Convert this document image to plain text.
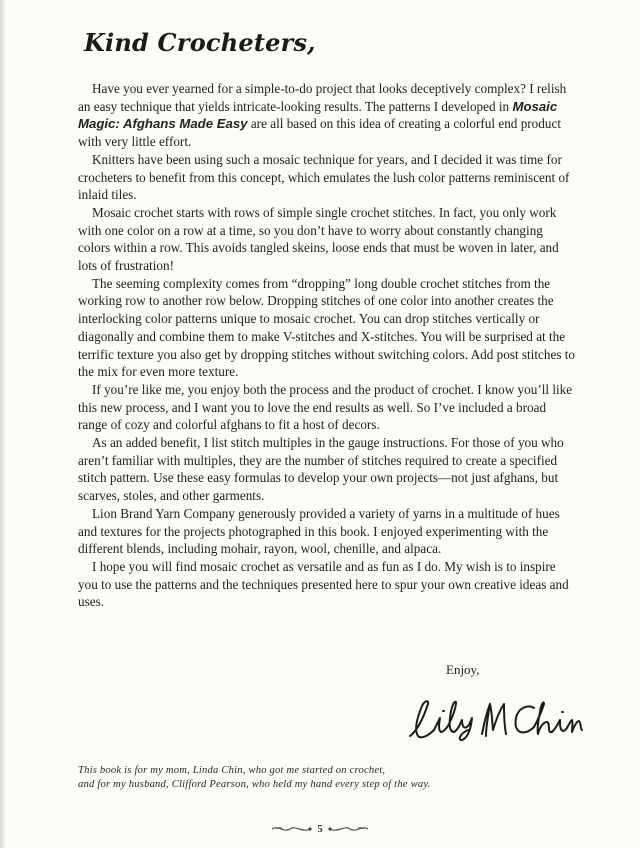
Kind Crocheters,

Have you ever yearned for a simple-to-do project that looks deceptively complex? I relish an easy technique that yields intricate-looking results. The patterns I developed in Mosaic Magic: Afghans Made Easy are all based on this idea of creating a colorful end product with very little effort.

Knitters have been using such a mosaic technique for years, and I decided it was time for crocheters to benefit from this concept, which emulates the lush color patterns reminiscent of inlaid tiles.

Mosaic crochet starts with rows of simple single crochet stitches. In fact, you only work with one color on a row at a time, so you don’t have to worry about constantly changing colors within a row. This avoids tangled skeins, loose ends that must be woven in later, and lots of frustration!

The seeming complexity comes from “dropping” long double crochet stitches from the working row to another row below. Dropping stitches of one color into another creates the interlocking color patterns unique to mosaic crochet. You can drop stitches vertically or diagonally and combine them to make V-stitches and X-stitches. You will be surprised at the terrific texture you also get by dropping stitches without switching colors. Add post stitches to the mix for even more texture.

If you’re like me, you enjoy both the process and the product of crochet. I know you’ll like this new process, and I want you to love the end results as well. So I’ve included a broad range of cozy and colorful afghans to fit a host of decors.

As an added benefit, I list stitch multiples in the gauge instructions. For those of you who aren’t familiar with multiples, they are the number of stitches required to create a specified stitch pattern. Use these easy formulas to develop your own projects—not just afghans, but scarves, stoles, and other garments.

Lion Brand Yarn Company generously provided a variety of yarns in a multitude of hues and textures for the projects photographed in this book. I enjoyed experimenting with the different blends, including mohair, rayon, wool, chenille, and alpaca.

I hope you will find mosaic crochet as versatile and as fun as I do. My wish is to inspire you to use the patterns and the techniques presented here to spur your own creative ideas and uses.

Enjoy,
This book is for my mom, Linda Chin, who got me started on crochet,
and for my husband, Clifford Pearson, who held my hand every step of the way.
5
